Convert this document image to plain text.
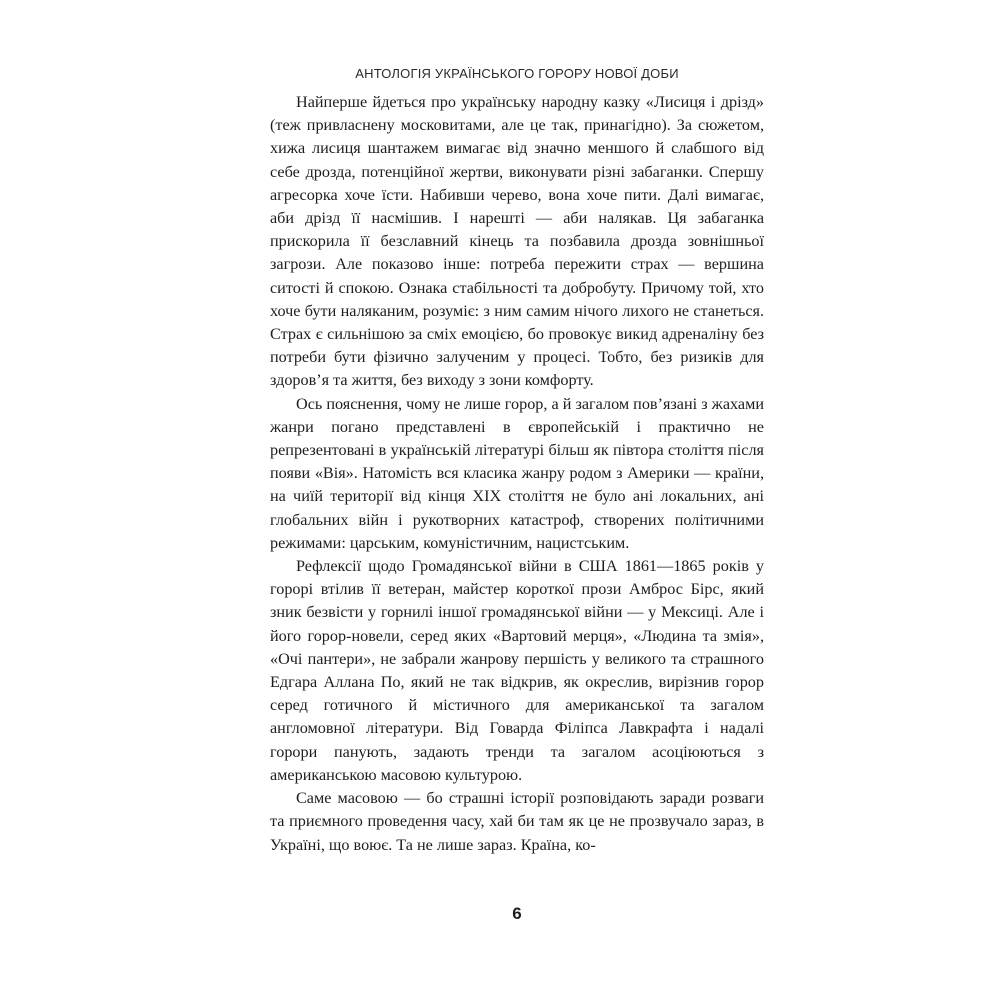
АНТОЛОГІЯ УКРАЇНСЬКОГО ГОРОРУ НОВОЇ ДОБИ

Найперше йдеться про українську народну казку «Лисиця і дрізд» (теж привласнену московитами, але це так, принагідно). За сюжетом, хижа лисиця шантажем вимагає від значно меншого й слабшого від себе дрозда, потенційної жертви, виконувати різні забаганки. Спершу агресорка хоче їсти. Набивши черево, вона хоче пити. Далі вимагає, аби дрізд її насмішив. І нарешті — аби налякав. Ця забаганка прискорила її безславний кінець та позбавила дрозда зовнішньої загрози. Але показово інше: потреба пережити страх — вершина ситості й спокою. Ознака стабільності та добробуту. Причому той, хто хоче бути наляканим, розуміє: з ним самим нічого лихого не станеться. Страх є сильнішою за сміх емоцією, бо провокує викид адреналіну без потреби бути фізично залученим у процесі. Тобто, без ризиків для здоров’я та життя, без виходу з зони комфорту.

Ось пояснення, чому не лише горор, а й загалом пов’язані з жахами жанри погано представлені в європейській і практично не репрезентовані в українській літературі більш як півтора століття після появи «Вія». Натомість вся класика жанру родом з Америки — країни, на чиїй території від кінця XIX століття не було ані локальних, ані глобальних війн і рукотворних катастроф, створених політичними режимами: царським, комуністичним, нацистським.

Рефлексії щодо Громадянської війни в США 1861—1865 років у горорі втілив її ветеран, майстер короткої прози Амброс Бірс, який зник безвісти у горнилі іншої громадянської війни — у Мексиці. Але і його горор-новели, серед яких «Вартовий мерця», «Людина та змія», «Очі пантери», не забрали жанрову першість у великого та страшного Едгара Аллана По, який не так відкрив, як окреслив, вирізнив горор серед готичного й містичного для американської та загалом англомовної літератури. Від Говарда Філіпса Лавкрафта і надалі горори панують, задають тренди та загалом асоціюються з американською масовою культурою.

Саме масовою — бо страшні історії розповідають заради розваги та приємного проведення часу, хай би там як це не прозвучало зараз, в Україні, що воює. Та не лише зараз. Країна, ко-

6
